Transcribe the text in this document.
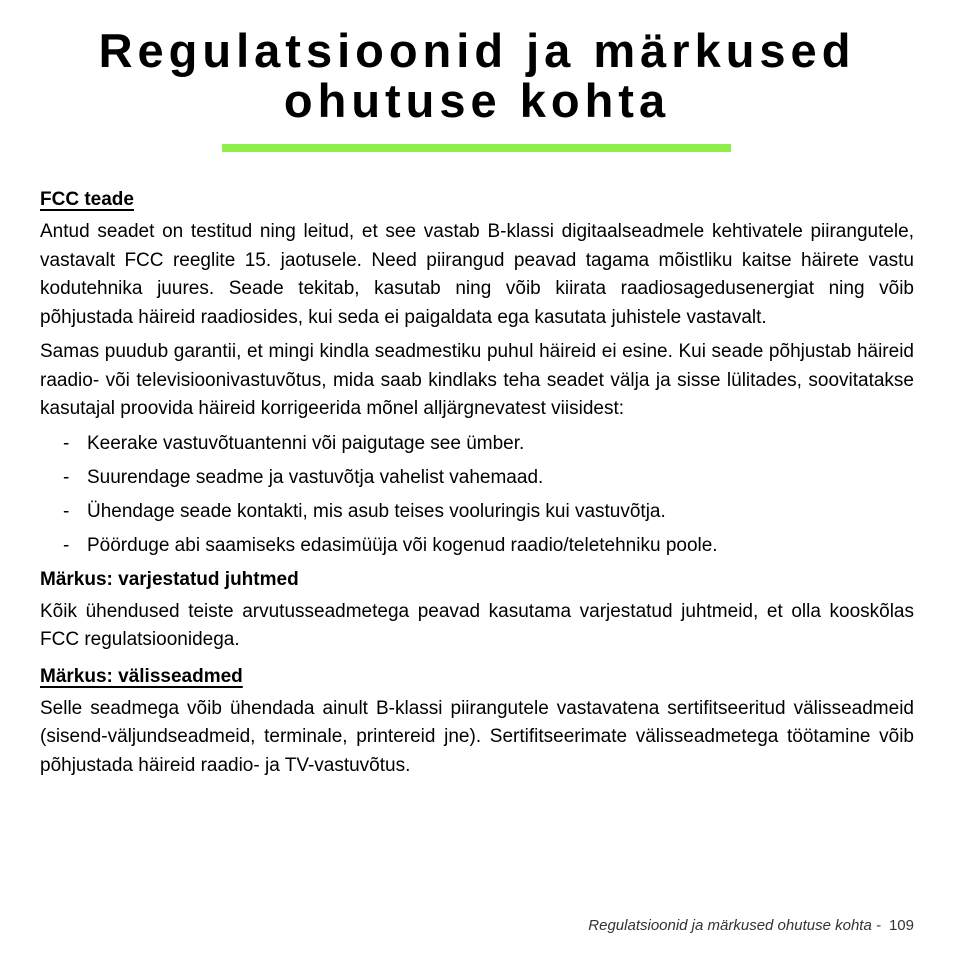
Regulatsioonid ja märkused
ohutuse kohta
FCC teade

Antud seadet on testitud ning leitud, et see vastab B-klassi digitaalseadmele kehtivatele piirangutele, vastavalt FCC reeglite 15. jaotusele. Need piirangud peavad tagama mõistliku kaitse häirete vastu kodutehnika juures. Seade tekitab, kasutab ning võib kiirata raadiosagedusenergiat ning võib põhjustada häireid raadiosides, kui seda ei paigaldata ega kasutata juhistele vastavalt.

Samas puudub garantii, et mingi kindla seadmestiku puhul häireid ei esine. Kui seade põhjustab häireid raadio- või televisioonivastuvõtus, mida saab kindlaks teha seadet välja ja sisse lülitades, soovitatakse kasutajal proovida häireid korrigeerida mõnel alljärgnevatest viisidest:

- Keerake vastuvõtuantenni või paigutage see ümber.
- Suurendage seadme ja vastuvõtja vahelist vahemaad.
- Ühendage seade kontakti, mis asub teises vooluringis kui vastuvõtja.
- Pöörduge abi saamiseks edasimüüja või kogenud raadio/teletehniku poole.
Märkus: varjestatud juhtmed

Kõik ühendused teiste arvutusseadmetega peavad kasutama varjestatud juhtmeid, et olla kooskõlas FCC regulatsioonidega.

Märkus: välisseadmed

Selle seadmega võib ühendada ainult B-klassi piirangutele vastavatena sertifitseeritud välisseadmeid (sisend-väljundseadmeid, terminale, printereid jne). Sertifitseerimate välisseadmetega töötamine võib põhjustada häireid raadio- ja TV-vastuvõtus.

Regulatsioonid ja märkused ohutuse kohta - 109
